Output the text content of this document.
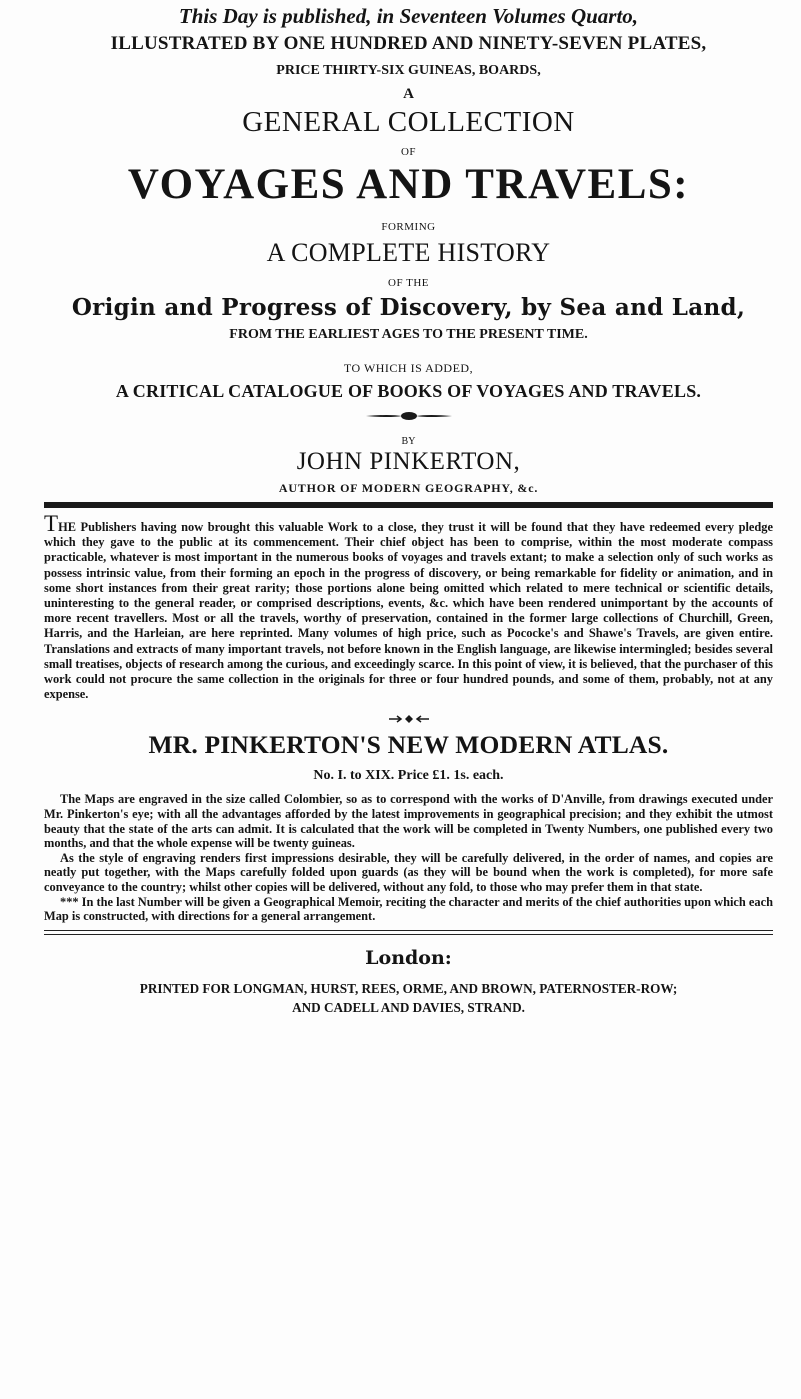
This Day is published, in Seventeen Volumes Quarto,

ILLUSTRATED BY ONE HUNDRED AND NINETY-SEVEN PLATES,

PRICE THIRTY-SIX GUINEAS, BOARDS,

A

GENERAL COLLECTION

OF

VOYAGES AND TRAVELS:

FORMING

A COMPLETE HISTORY

OF THE

Origin and Progress of Discovery, by Sea and Land,

FROM THE EARLIEST AGES TO THE PRESENT TIME.

TO WHICH IS ADDED,

A CRITICAL CATALOGUE OF BOOKS OF VOYAGES AND TRAVELS.

BY

JOHN PINKERTON,

AUTHOR OF MODERN GEOGRAPHY, &c.

THE Publishers having now brought this valuable Work to a close, they trust it will be found that they have redeemed every pledge which they gave to the public at its commencement. Their chief object has been to comprise, within the most moderate compass practicable, whatever is most important in the numerous books of voyages and travels extant; to make a selection only of such works as possess intrinsic value, from their forming an epoch in the progress of discovery, or being remarkable for fidelity or animation, and in some short instances from their great rarity; those portions alone being omitted which related to mere technical or scientific details, uninteresting to the general reader, or comprised descriptions, events, &c. which have been rendered unimportant by the accounts of more recent travellers. Most or all the travels, worthy of preservation, contained in the former large collections of Churchill, Green, Harris, and the Harleian, are here reprinted. Many volumes of high price, such as Pococke's and Shawe's Travels, are given entire. Translations and extracts of many important travels, not before known in the English language, are likewise intermingled; besides several small treatises, objects of research among the curious, and exceedingly scarce. In this point of view, it is believed, that the purchaser of this work could not procure the same collection in the originals for three or four hundred pounds, and some of them, probably, not at any expense.

MR. PINKERTON'S NEW MODERN ATLAS.

No. I. to XIX. Price £1. 1s. each.

The Maps are engraved in the size called Colombier, so as to correspond with the works of D'Anville, from drawings executed under Mr. Pinkerton's eye; with all the advantages afforded by the latest improvements in geographical precision; and they exhibit the utmost beauty that the state of the arts can admit. It is calculated that the work will be completed in Twenty Numbers, one published every two months, and that the whole expense will be twenty guineas.

As the style of engraving renders first impressions desirable, they will be carefully delivered, in the order of names, and copies are neatly put together, with the Maps carefully folded upon guards (as they will be bound when the work is completed), for more safe conveyance to the country; whilst other copies will be delivered, without any fold, to those who may prefer them in that state.

*** In the last Number will be given a Geographical Memoir, reciting the character and merits of the chief authorities upon which each Map is constructed, with directions for a general arrangement.

London:

PRINTED FOR LONGMAN, HURST, REES, ORME, AND BROWN, PATERNOSTER-ROW;

AND CADELL AND DAVIES, STRAND.
